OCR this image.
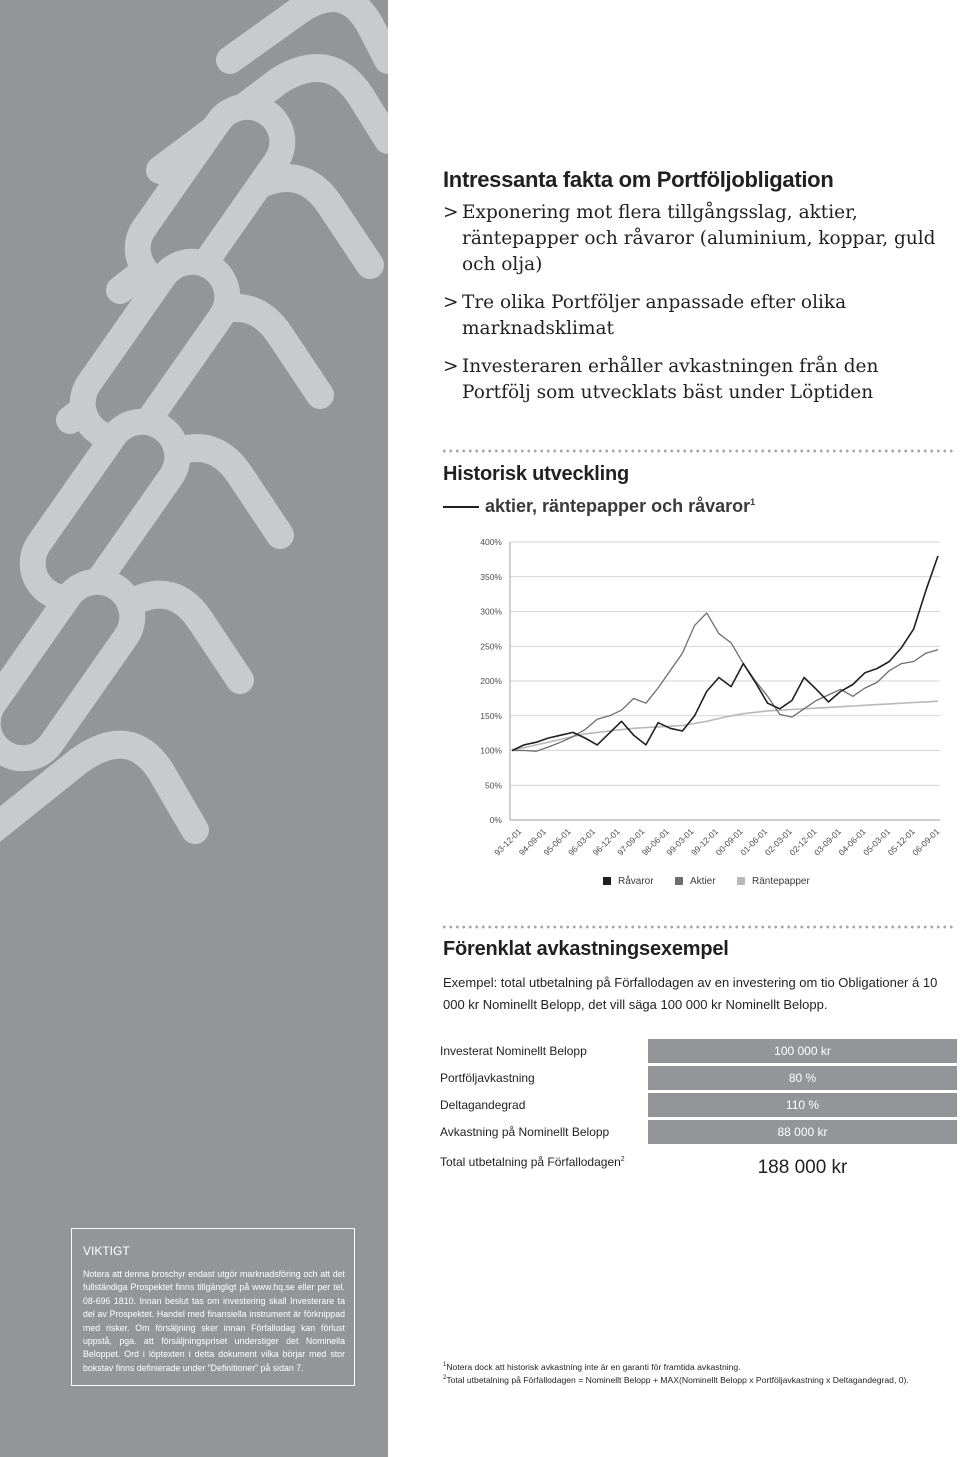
Intressanta fakta om Portföljobligation
> Exponering mot flera tillgångsslag, aktier, räntepapper och råvaror (aluminium, koppar, guld och olja)
> Tre olika Portföljer anpassade efter olika marknadsklimat
> Investeraren erhåller avkastningen från den Portfölj som utvecklats bäst under Löptiden
Historisk utveckling
aktier, räntepapper och råvaror$^1$
400%
350%
300%
250%
200%
150%
100%
50%
0%
93-12-01
94-09-01
95-06-01
96-03-01
96-12-01
97-09-01
98-06-01
99-03-01
99-12-01
00-09-01
01-06-01
02-03-01
02-12-01
03-09-01
04-06-01
05-03-01
05-12-01
06-09-01
Råvaror	Aktier	Räntepapper
Förenklat avkastningsexempel

Exempel: total utbetalning på Förfallodagen av en investering om tio Obligationer á 10 000 kr Nominellt Belopp, det vill säga 100 000 kr Nominellt Belopp.

Investerat Nominellt Belopp	100 000 kr
Portföljavkastning	80 %
Deltagandegrad	110 %
Avkastning på Nominellt Belopp	88 000 kr
Total utbetalning på Förfallodagen$^2$	188 000 kr
VIKTIGT
Notera att denna broschyr endast utgör marknadsföring och att det fullständiga Prospektet finns tillgängligt på www.hq.se eller per tel. 08-696 1810. Innan beslut tas om investering skall Investerare ta del av Prospektet. Handel med finansiella instrument är förknippad med risker. Om försäljning sker innan Förfallodag kan förlust uppstå, pga. att försäljningspriset understiger det Nominella Beloppet. Ord i löptexten i detta dokument vilka börjar med stor bokstav finns definierade under ”Definitioner” på sidan 7.	$^1$Notera dock att historisk avkastning inte är en garanti för framtida avkastning.
$^2$Total utbetalning på Förfallodagen = Nominellt Belopp + MAX(Nominellt Belopp x Portföljavkastning x Deltagandegrad, 0).
